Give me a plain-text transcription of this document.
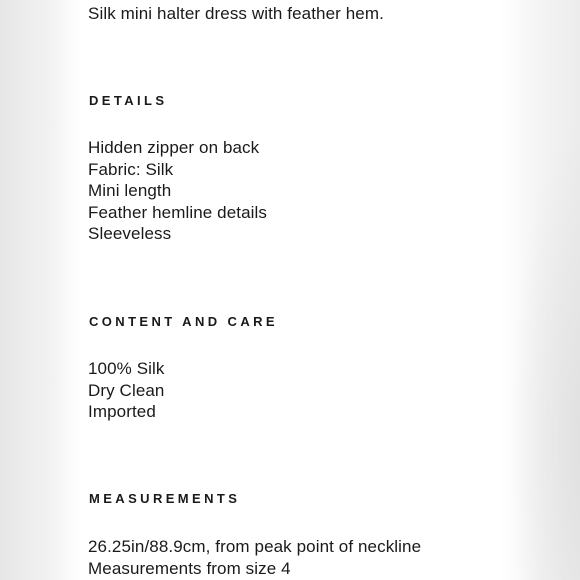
Silk mini halter dress with feather hem.

DETAILS
Hidden zipper on back
Fabric: Silk
Mini length
Feather hemline details
Sleeveless
CONTENT AND CARE
100% Silk
Dry Clean
Imported
MEASUREMENTS
26.25in/88.9cm, from peak point of neckline
Measurements from size 4
